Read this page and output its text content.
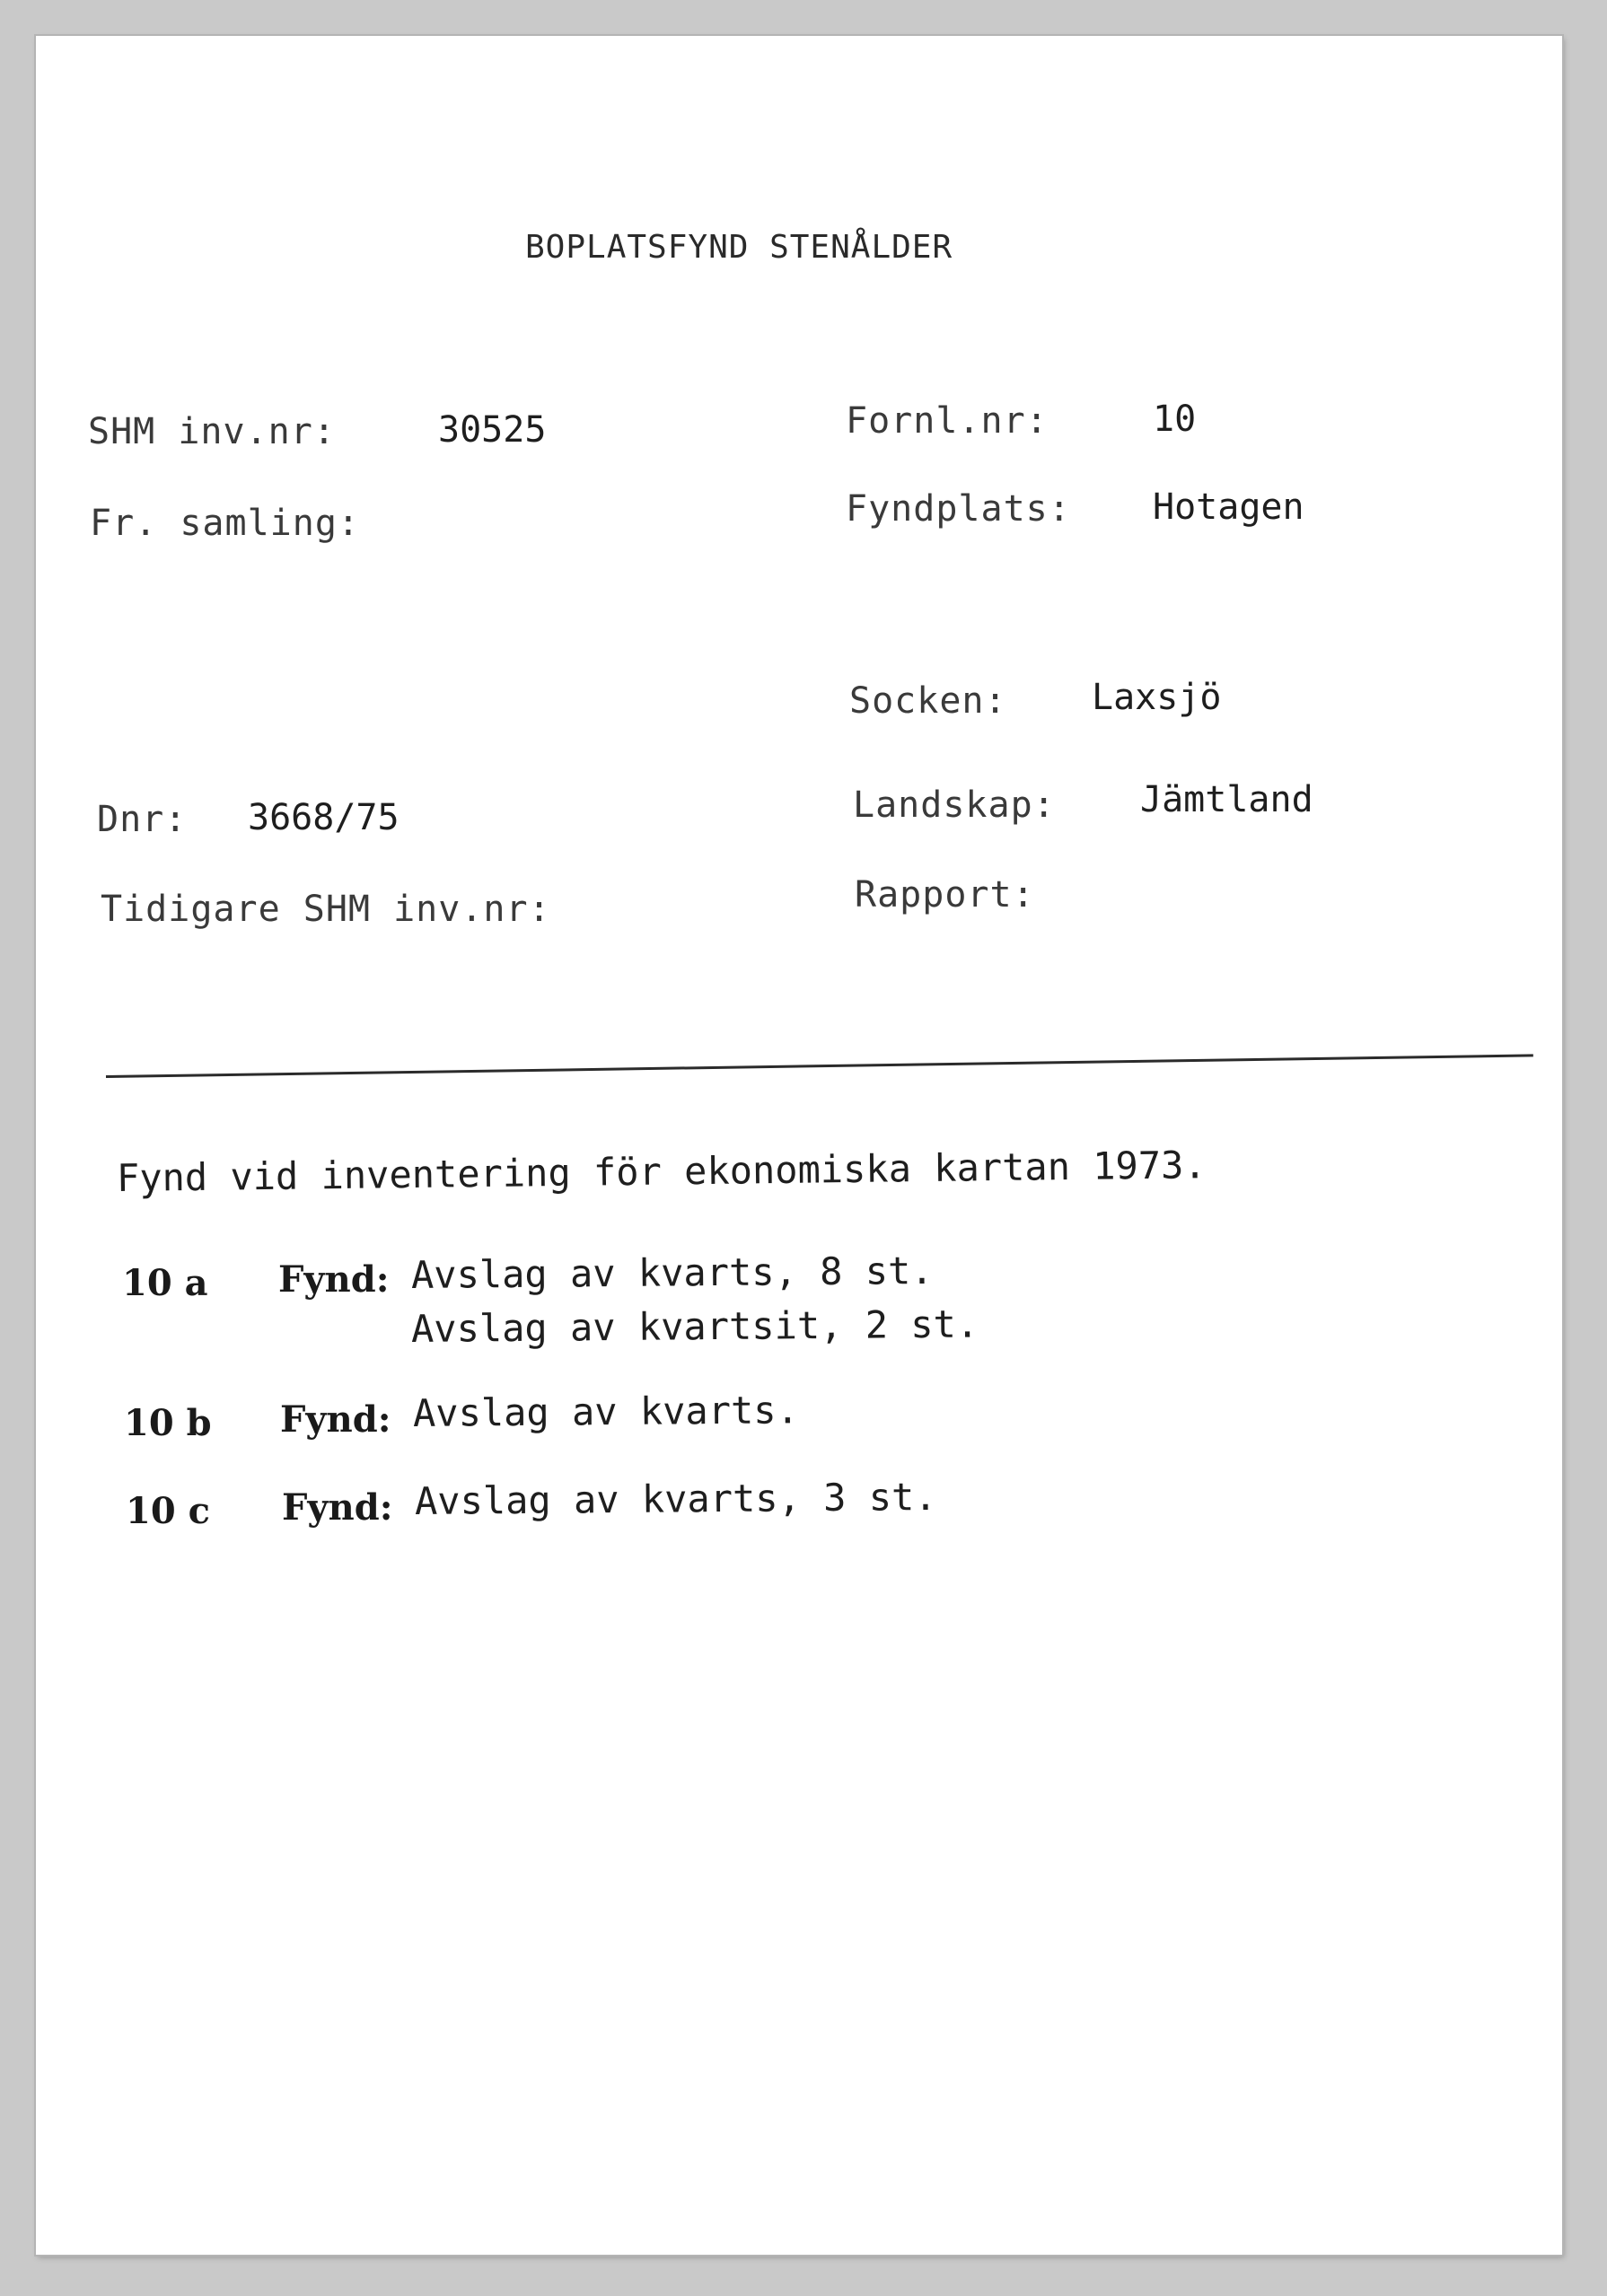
BOPLATSFYND STENÅLDER
SHM inv.nr:	30525
Fr. samling:
Dnr: 3668/75
Tidigare SHM inv.nr:
Fornl.nr:	10
Fyndplats: Hotagen
Socken: Laxsjö
Landskap: Jämtland
Rapport:
Fynd vid inventering för ekonomiska kartan 1973.
10 a Fynd: Avslag av kvarts, 8 st.
Avslag av kvartsit, 2 st.
10 b Fynd: Avslag av kvarts.
10 c Fynd: Avslag av kvarts, 3 st.
